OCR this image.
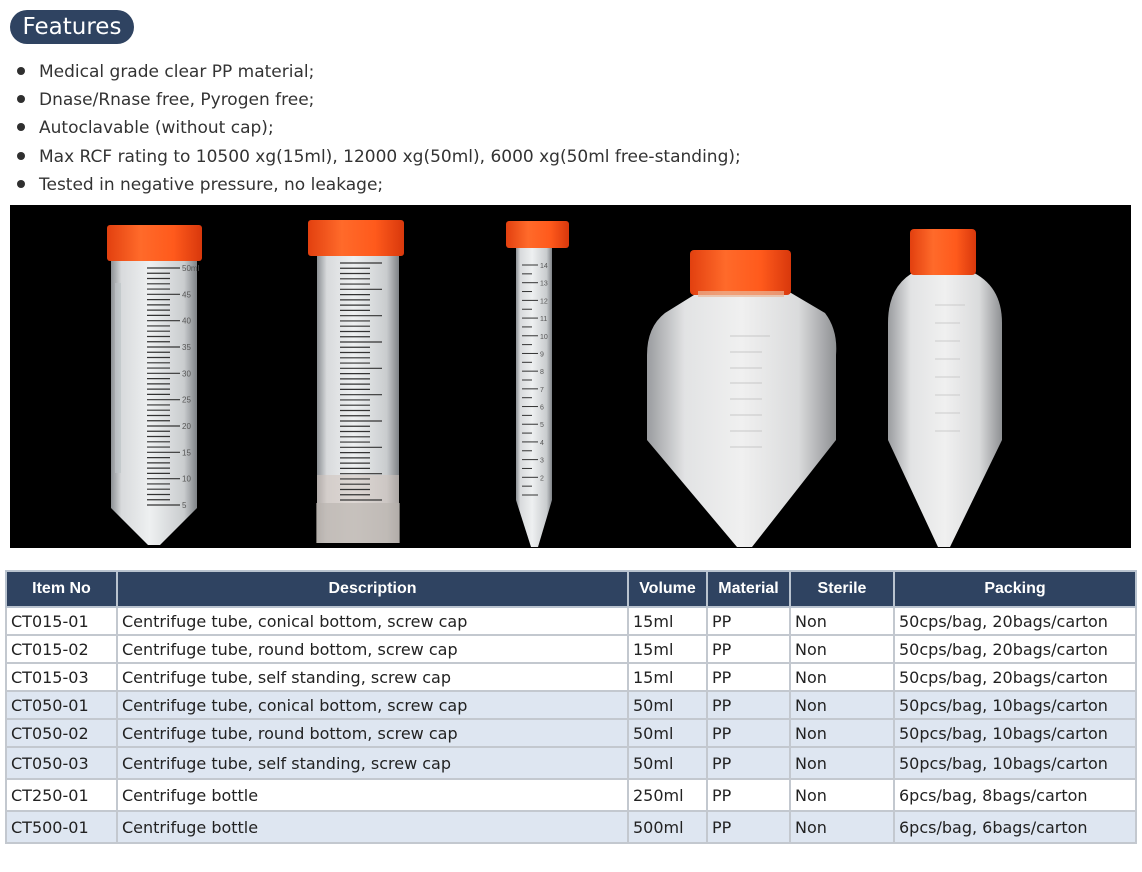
Features
Medical grade clear PP material;
Dnase/Rnase free, Pyrogen free;
Autoclavable (without cap);
Max RCF rating to 10500 xg(15ml), 12000 xg(50ml), 6000 xg(50ml free-standing);
Tested in negative pressure, no leakage;
50ml
45
40
35
30
25
20
15
10
5
14
13
12
11
10
9
8
7
6
5
4
3
2
Item No	Description	Volume	Material	Sterile	Packing
CT015-01	Centrifuge tube, conical bottom, screw cap	15ml	PP	Non	50cps/bag, 20bags/carton
CT015-02	Centrifuge tube, round bottom, screw cap	15ml	PP	Non	50cps/bag, 20bags/carton
CT015-03	Centrifuge tube, self standing, screw cap	15ml	PP	Non	50cps/bag, 20bags/carton
CT050-01	Centrifuge tube, conical bottom, screw cap	50ml	PP	Non	50pcs/bag, 10bags/carton
CT050-02	Centrifuge tube, round bottom, screw cap	50ml	PP	Non	50pcs/bag, 10bags/carton
CT050-03	Centrifuge tube, self standing, screw cap	50ml	PP	Non	50pcs/bag, 10bags/carton
CT250-01	Centrifuge bottle	250ml	PP	Non	6pcs/bag, 8bags/carton
CT500-01	Centrifuge bottle	500ml	PP	Non	6pcs/bag, 6bags/carton
